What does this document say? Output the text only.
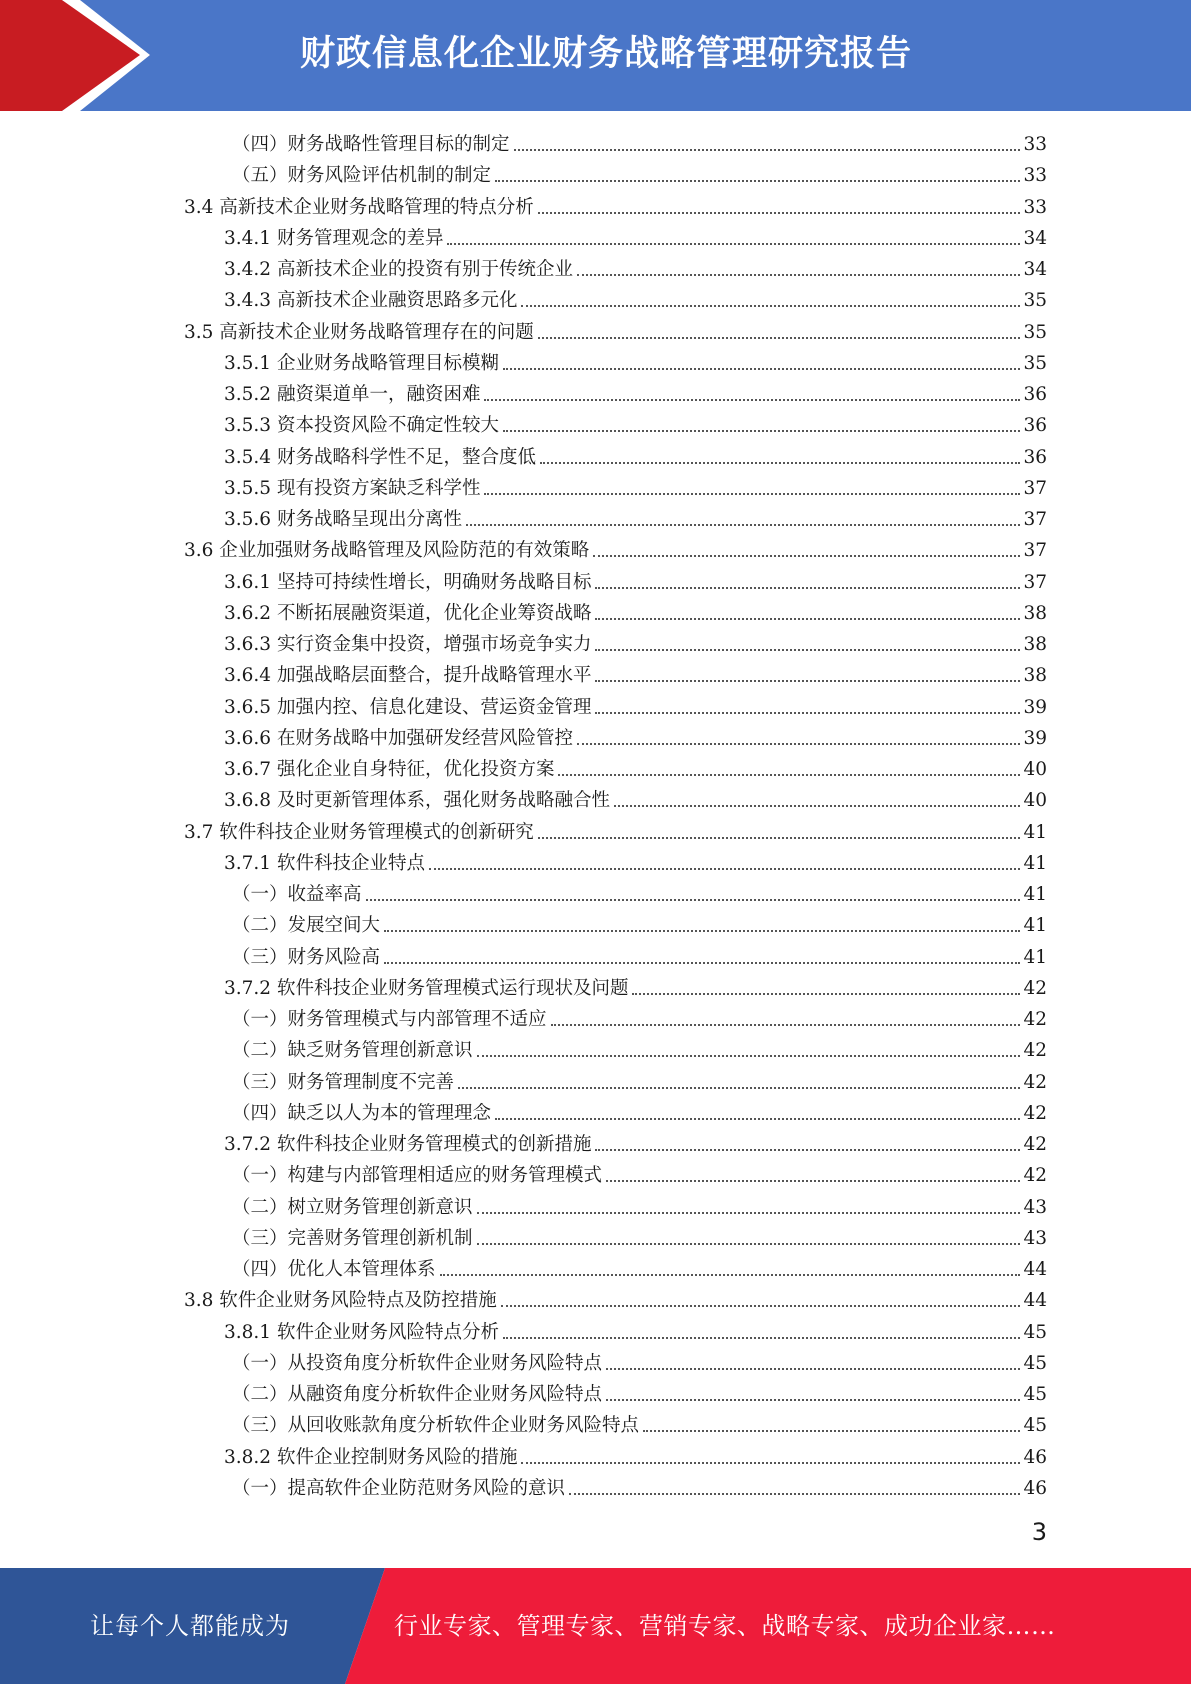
财政信息化企业财务战略管理研究报告
（四）财务战略性管理目标的制定	33
（五）财务风险评估机制的制定	33
3.4 高新技术企业财务战略管理的特点分析	33
3.4.1 财务管理观念的差异	34
3.4.2 高新技术企业的投资有别于传统企业	34
3.4.3 高新技术企业融资思路多元化	35
3.5 高新技术企业财务战略管理存在的问题	35
3.5.1 企业财务战略管理目标模糊	35
3.5.2 融资渠道单一，融资困难	36
3.5.3 资本投资风险不确定性较大	36
3.5.4 财务战略科学性不足，整合度低	36
3.5.5 现有投资方案缺乏科学性	37
3.5.6 财务战略呈现出分离性	37
3.6 企业加强财务战略管理及风险防范的有效策略	37
3.6.1 坚持可持续性增长，明确财务战略目标	37
3.6.2 不断拓展融资渠道，优化企业筹资战略	38
3.6.3 实行资金集中投资，增强市场竞争实力	38
3.6.4 加强战略层面整合，提升战略管理水平	38
3.6.5 加强内控、信息化建设、营运资金管理	39
3.6.6 在财务战略中加强研发经营风险管控	39
3.6.7 强化企业自身特征，优化投资方案	40
3.6.8 及时更新管理体系，强化财务战略融合性	40
3.7 软件科技企业财务管理模式的创新研究	41
3.7.1 软件科技企业特点	41
（一）收益率高	41
（二）发展空间大	41
（三）财务风险高	41
3.7.2 软件科技企业财务管理模式运行现状及问题	42
（一）财务管理模式与内部管理不适应	42
（二）缺乏财务管理创新意识	42
（三）财务管理制度不完善	42
（四）缺乏以人为本的管理理念	42
3.7.2 软件科技企业财务管理模式的创新措施	42
（一）构建与内部管理相适应的财务管理模式	42
（二）树立财务管理创新意识	43
（三）完善财务管理创新机制	43
（四）优化人本管理体系	44
3.8 软件企业财务风险特点及防控措施	44
3.8.1 软件企业财务风险特点分析	45
（一）从投资角度分析软件企业财务风险特点	45
（二）从融资角度分析软件企业财务风险特点	45
（三）从回收账款角度分析软件企业财务风险特点	45
3.8.2 软件企业控制财务风险的措施	46
（一）提高软件企业防范财务风险的意识	46
3
让每个人都能成为	行业专家、管理专家、营销专家、战略专家、成功企业家……
